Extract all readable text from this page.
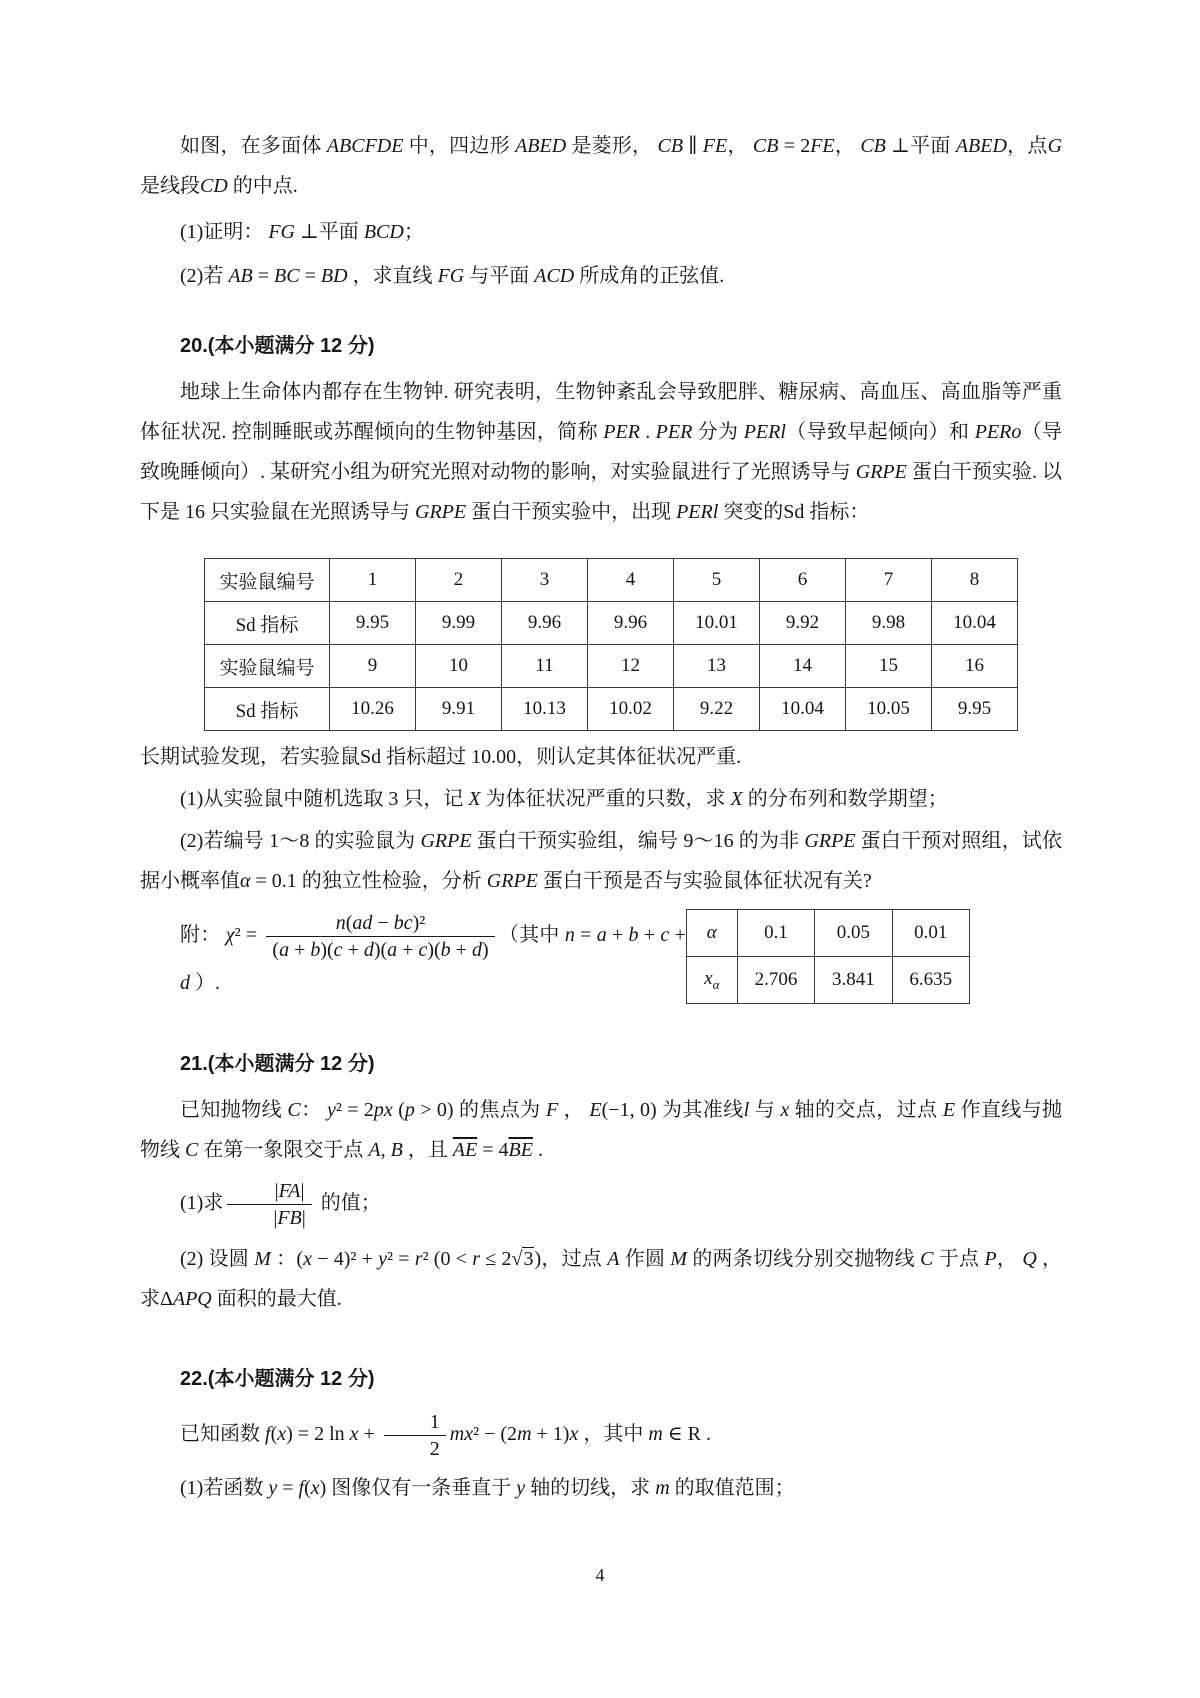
如图，在多面体 ABCFDE 中，四边形 ABED 是菱形， CB ∥ FE， CB = 2FE， CB ⊥平面 ABED，点G 是线段CD 的中点.

(1)证明： FG ⊥平面 BCD；

(2)若 AB = BC = BD ，求直线 FG 与平面 ACD 所成角的正弦值.

20.(本小题满分 12 分)

地球上生命体内都存在生物钟. 研究表明，生物钟紊乱会导致肥胖、糖尿病、高血压、高血脂等严重体征状况. 控制睡眠或苏醒倾向的生物钟基因，简称 PER . PER 分为 PERl（导致早起倾向）和 PERo（导致晚睡倾向）. 某研究小组为研究光照对动物的影响，对实验鼠进行了光照诱导与 GRPE 蛋白干预实验. 以下是 16 只实验鼠在光照诱导与 GRPE 蛋白干预实验中，出现 PERl 突变的Sd 指标：

实验鼠编号	1	2	3	4	5	6	7	8
Sd 指标	9.95	9.99	9.96	9.96	10.01	9.92	9.98	10.04
实验鼠编号	9	10	11	12	13	14	15	16
Sd 指标	10.26	9.91	10.13	10.02	9.22	10.04	10.05	9.95

长期试验发现，若实验鼠Sd 指标超过 10.00，则认定其体征状况严重.

(1)从实验鼠中随机选取 3 只，记 X 为体征状况严重的只数，求 X 的分布列和数学期望；

(2)若编号 1～8 的实验鼠为 GRPE 蛋白干预实验组，编号 9～16 的为非 GRPE 蛋白干预对照组，试依据小概率值α = 0.1 的独立性检验，分析 GRPE 蛋白干预是否与实验鼠体征状况有关?

附： $\chi^2 = \frac{\text{n(ad − bc)²}}{(a + b)(c + d)(a + c)(b + d)}$ （其中 n = a + b + c + d ）.

α	0.1	0.05	0.01
$x_\alpha$	2.706	3.841	6.635

21.(本小题满分 12 分)

已知抛物线 C： y² = 2px (p > 0) 的焦点为 F ， E(−1, 0) 为其准线l 与 x 轴的交点，过点 E 作直线与抛物线 C 在第一象限交于点 A, B ，且 $\overline{AE} = 4\overline{BE}$ .

(1)求 $\frac{|FA|}{|FB|}$ 的值；

(2) 设圆 M ：(x − 4)² + y² = r² (0 < r ≤ 2√3)，过点 A 作圆 M 的两条切线分别交抛物线 C 于点 P， Q ，求ΔAPQ 面积的最大值.

22.(本小题满分 12 分)

已知函数 f(x) = 2 $\ln x + \frac{1}{2} mx^2 - (2m + 1)x$ ，其中 m ∈ R .

(1)若函数 y = f(x) 图像仅有一条垂直于 y 轴的切线，求 m 的取值范围；

4
